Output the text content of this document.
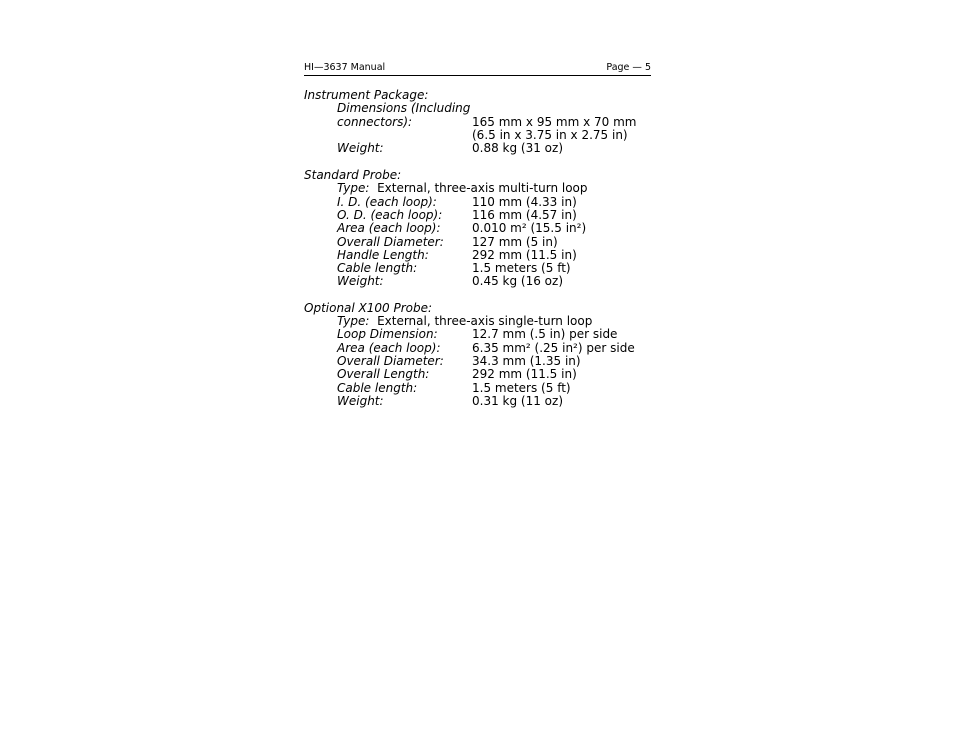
HI—3637 Manual	Page — 5
Instrument Package:
Dimensions (Including
connectors):	165 mm x 95 mm x 70 mm
(6.5 in x 3.75 in x 2.75 in)
Weight:	0.88 kg (31 oz)
Standard Probe:
Type:  External, three-axis multi-turn loop
I. D. (each loop):	110 mm (4.33 in)
O. D. (each loop): 116 mm (4.57 in)
Area (each loop):	0.010 m² (15.5 in²)
Overall Diameter: 127 mm (5 in)
Handle Length:	292 mm (11.5 in)
Cable length:	1.5 meters (5 ft)
Weight:	0.45 kg (16 oz)
Optional X100 Probe:
Type:  External, three-axis single-turn loop
Loop Dimension:	12.7 mm (.5 in) per side
Area (each loop):	6.35 mm² (.25 in²) per side
Overall Diameter: 34.3 mm (1.35 in)
Overall Length:	292 mm (11.5 in)
Cable length:	1.5 meters (5 ft)
Weight:	0.31 kg (11 oz)
